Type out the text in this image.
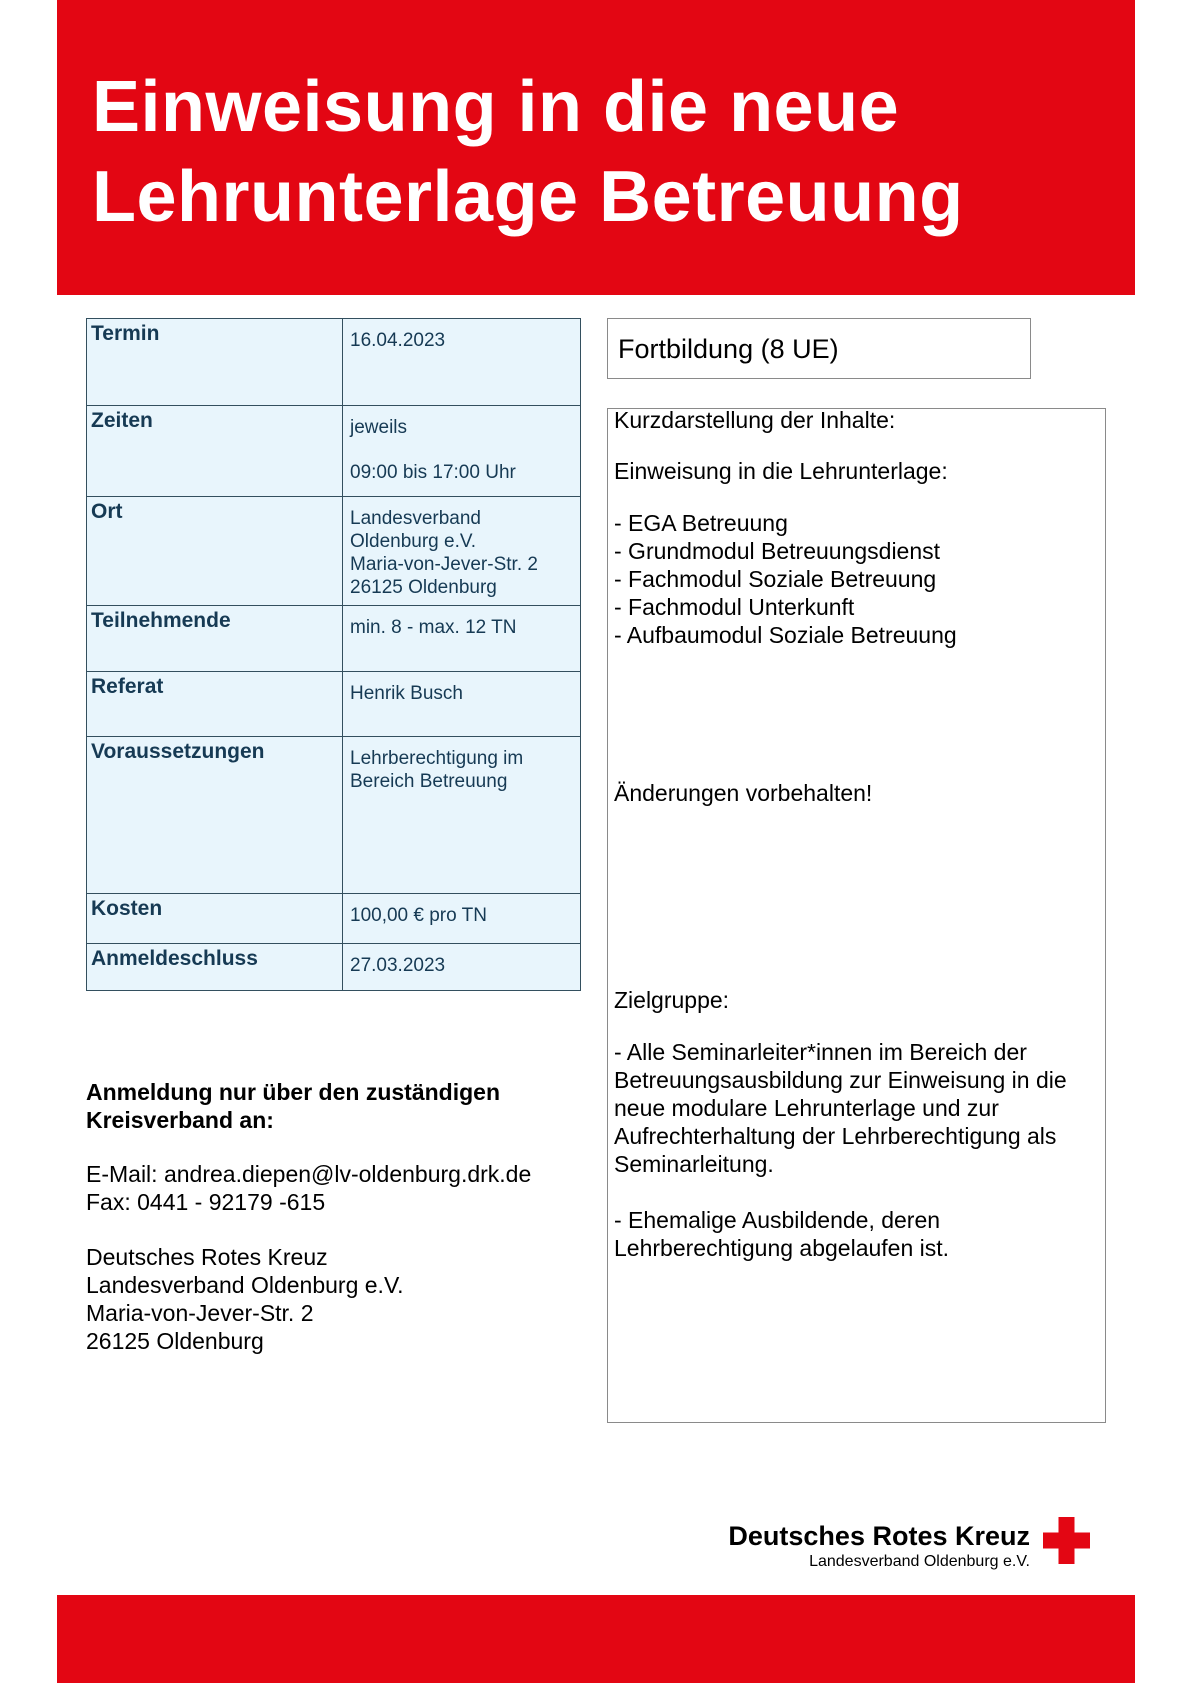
Einweisung in die neue
Lehrunterlage Betreuung
Termin	16.04.2023

Zeiten	jeweils
09:00 bis 17:00 Uhr

Ort	Landesverband
Oldenburg e.V.
Maria-von-Jever-Str. 2
26125 Oldenburg

Teilnehmende	min. 8 - max. 12 TN

Referat	Henrik Busch

Voraussetzungen	Lehrberechtigung im
Bereich Betreuung

Kosten	100,00 € pro TN

Anmeldeschluss	27.03.2023
Fortbildung (8 UE)

Kurzdarstellung der Inhalte:

Einweisung in die Lehrunterlage:

- EGA Betreuung

- Grundmodul Betreuungsdienst

- Fachmodul Soziale Betreuung

- Fachmodul Unterkunft

- Aufbaumodul Soziale Betreuung

Änderungen vorbehalten!

Zielgruppe:

- Alle Seminarleiter*innen im Bereich der

Betreuungsausbildung zur Einweisung in die

neue modulare Lehrunterlage und zur

Aufrechterhaltung der Lehrberechtigung als

Seminarleitung.

- Ehemalige Ausbildende, deren

Lehrberechtigung abgelaufen ist.

Anmeldung nur über den zuständigen
Kreisverband an:

E-Mail: andrea.diepen@lv-oldenburg.drk.de

Fax: 0441 - 92179 -615

Deutsches Rotes Kreuz

Landesverband Oldenburg e.V.

Maria-von-Jever-Str. 2

26125 Oldenburg

Deutsches Rotes Kreuz
Landesverband Oldenburg e.V.
